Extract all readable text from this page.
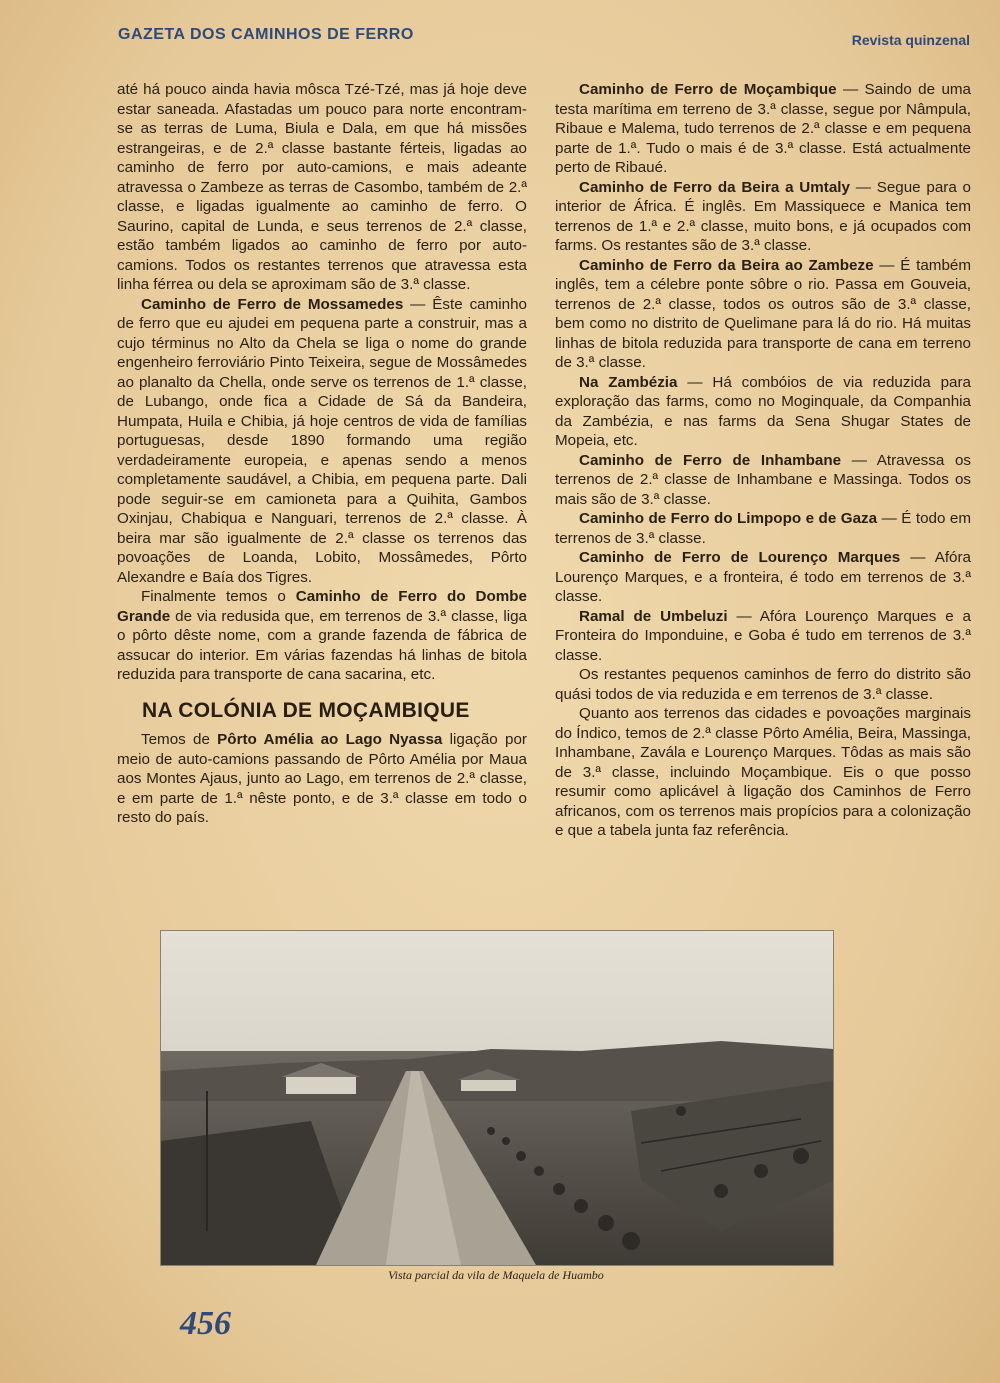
GAZETA DOS CAMINHOS DE FERRO	Revista quinzenal

até há pouco ainda havia môsca Tzé-Tzé, mas já hoje deve estar saneada. Afastadas um pouco para norte encontram-se as terras de Luma, Biula e Dala, em que há missões estrangeiras, e de 2.ª classe bastante férteis, ligadas ao caminho de ferro por auto-camions, e mais adeante atravessa o Zambeze as terras de Casombo, também de 2.ª classe, e ligadas igualmente ao caminho de ferro. O Saurino, capital de Lunda, e seus terrenos de 2.ª classe, estão também ligados ao caminho de ferro por auto-camions. Todos os restantes terrenos que atravessa esta linha férrea ou dela se aproximam são de 3.ª classe.

Caminho de Ferro de Mossamedes — Êste caminho de ferro que eu ajudei em pequena parte a construir, mas a cujo términus no Alto da Chela se liga o nome do grande engenheiro ferroviário Pinto Teixeira, segue de Mossâmedes ao planalto da Chella, onde serve os terrenos de 1.ª classe, de Lubango, onde fica a Cidade de Sá da Bandeira, Humpata, Huila e Chibia, já hoje centros de vida de famílias portuguesas, desde 1890 formando uma região verdadeiramente europeia, e apenas sendo a menos completamente saudável, a Chibia, em pequena parte. Dali pode seguir-se em camioneta para a Quihita, Gambos Oxinjau, Chabiqua e Nanguari, terrenos de 2.ª classe. À beira mar são igualmente de 2.ª classe os terrenos das povoações de Loanda, Lobito, Mossâmedes, Pôrto Alexandre e Baía dos Tigres.

Finalmente temos o Caminho de Ferro do Dombe Grande de via redusida que, em terrenos de 3.ª classe, liga o pôrto dêste nome, com a grande fazenda de fábrica de assucar do interior. Em várias fazendas há linhas de bitola reduzida para transporte de cana sacarina, etc.

NA COLÓNIA DE MOÇAMBIQUE

Temos de Pôrto Amélia ao Lago Nyassa ligação por meio de auto-camions passando de Pôrto Amélia por Maua aos Montes Ajaus, junto ao Lago, em terrenos de 2.ª classe, e em parte de 1.ª nêste ponto, e de 3.ª classe em todo o resto do país.

Caminho de Ferro de Moçambique — Saindo de uma testa marítima em terreno de 3.ª classe, segue por Nâmpula, Ribaue e Malema, tudo terrenos de 2.ª classe e em pequena parte de 1.ª. Tudo o mais é de 3.ª classe. Está actualmente perto de Ribaué.

Caminho de Ferro da Beira a Umtaly — Segue para o interior de África. É inglês. Em Massiquece e Manica tem terrenos de 1.ª e 2.ª classe, muito bons, e já ocupados com farms. Os restantes são de 3.ª classe.

Caminho de Ferro da Beira ao Zambeze — É também inglês, tem a célebre ponte sôbre o rio. Passa em Gouveia, terrenos de 2.ª classe, todos os outros são de 3.ª classe, bem como no distrito de Quelimane para lá do rio. Há muitas linhas de bitola reduzida para transporte de cana em terreno de 3.ª classe.

Na Zambézia — Há combóios de via reduzida para exploração das farms, como no Moginquale, da Companhia da Zambézia, e nas farms da Sena Shugar States de Mopeia, etc.

Caminho de Ferro de Inhambane — Atravessa os terrenos de 2.ª classe de Inhambane e Massinga. Todos os mais são de 3.ª classe.

Caminho de Ferro do Limpopo e de Gaza — É todo em terrenos de 3.ª classe.

Caminho de Ferro de Lourenço Marques — Afóra Lourenço Marques, e a fronteira, é todo em terrenos de 3.ª classe.

Ramal de Umbeluzi — Afóra Lourenço Marques e a Fronteira do Imponduine, e Goba é tudo em terrenos de 3.ª classe.

Os restantes pequenos caminhos de ferro do distrito são quási todos de via reduzida e em terrenos de 3.ª classe.

Quanto aos terrenos das cidades e povoações marginais do Índico, temos de 2.ª classe Pôrto Amélia, Beira, Massinga, Inhambane, Zavála e Lourenço Marques. Tôdas as mais são de 3.ª classe, incluindo Moçambique. Eis o que posso resumir como aplicável à ligação dos Caminhos de Ferro africanos, com os terrenos mais propícios para a colonização e que a tabela junta faz referência.

Vista parcial da vila de Maquela de Huambo
456
